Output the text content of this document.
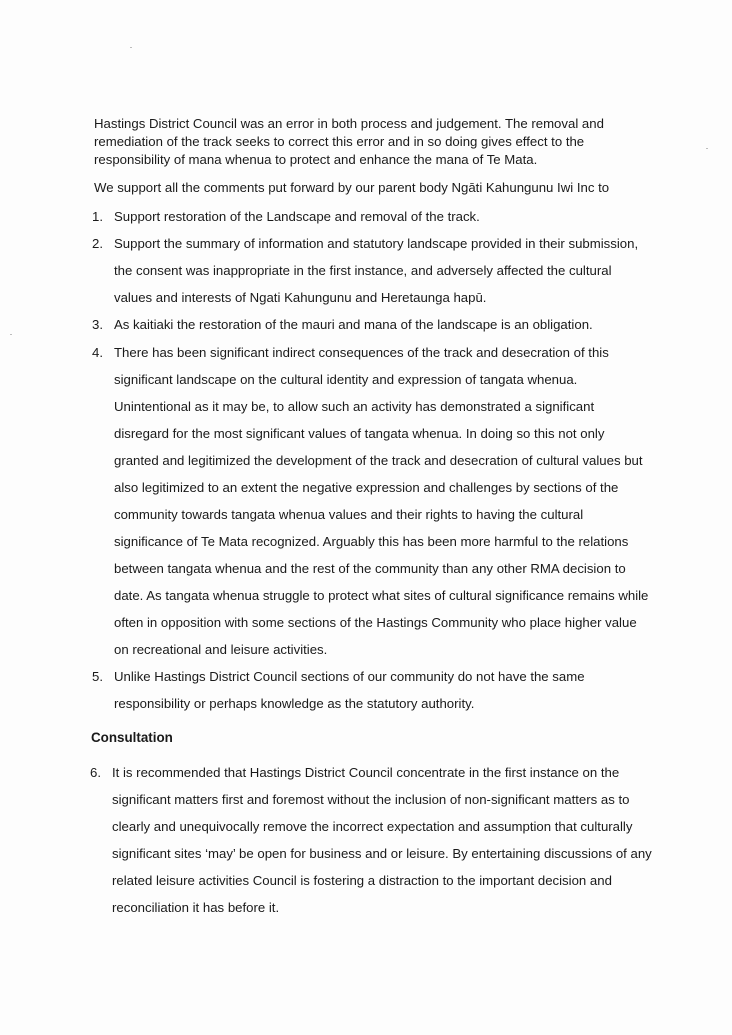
Hastings District Council was an error in both process and judgement. The removal and remediation of the track seeks to correct this error and in so doing gives effect to the responsibility of mana whenua to protect and enhance the mana of Te Mata.

We support all the comments put forward by our parent body Ngāti Kahungunu Iwi Inc to

1. Support restoration of the Landscape and removal of the track.
2. Support the summary of information and statutory landscape provided in their submission, the consent was inappropriate in the first instance, and adversely affected the cultural values and interests of Ngati Kahungunu and Heretaunga hapū.
3. As kaitiaki the restoration of the mauri and mana of the landscape is an obligation.
4. There has been significant indirect consequences of the track and desecration of this significant landscape on the cultural identity and expression of tangata whenua. Unintentional as it may be, to allow such an activity has demonstrated a significant disregard for the most significant values of tangata whenua. In doing so this not only granted and legitimized the development of the track and desecration of cultural values but also legitimized to an extent the negative expression and challenges by sections of the community towards tangata whenua values and their rights to having the cultural significance of Te Mata recognized. Arguably this has been more harmful to the relations between tangata whenua and the rest of the community than any other RMA decision to date. As tangata whenua struggle to protect what sites of cultural significance remains while often in opposition with some sections of the Hastings Community who place higher value on recreational and leisure activities.
5. Unlike Hastings District Council sections of our community do not have the same responsibility or perhaps knowledge as the statutory authority.
Consultation
6. It is recommended that Hastings District Council concentrate in the first instance on the significant matters first and foremost without the inclusion of non-significant matters as to clearly and unequivocally remove the incorrect expectation and assumption that culturally significant sites ‘may’ be open for business and or leisure. By entertaining discussions of any related leisure activities Council is fostering a distraction to the important decision and reconciliation it has before it.
